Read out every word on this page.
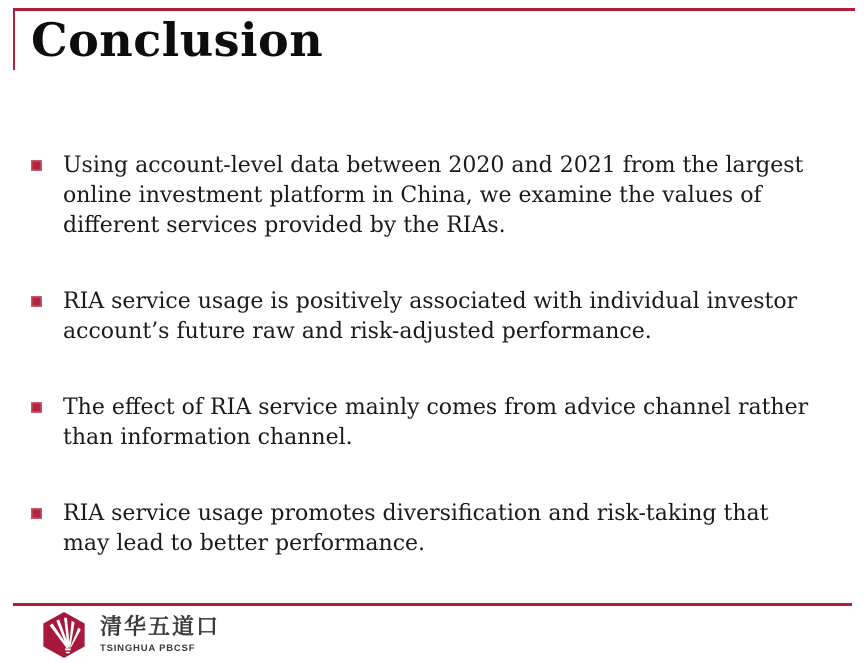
Conclusion
Using account-level data between 2020 and 2021 from the largest online investment platform in China, we examine the values of different services provided by the RIAs.
RIA service usage is positively associated with individual investor account’s future raw and risk-adjusted performance.
The effect of RIA service mainly comes from advice channel rather than information channel.
RIA service usage promotes diversification and risk-taking that may lead to better performance.
清华五道口
TSINGHUA PBCSF
